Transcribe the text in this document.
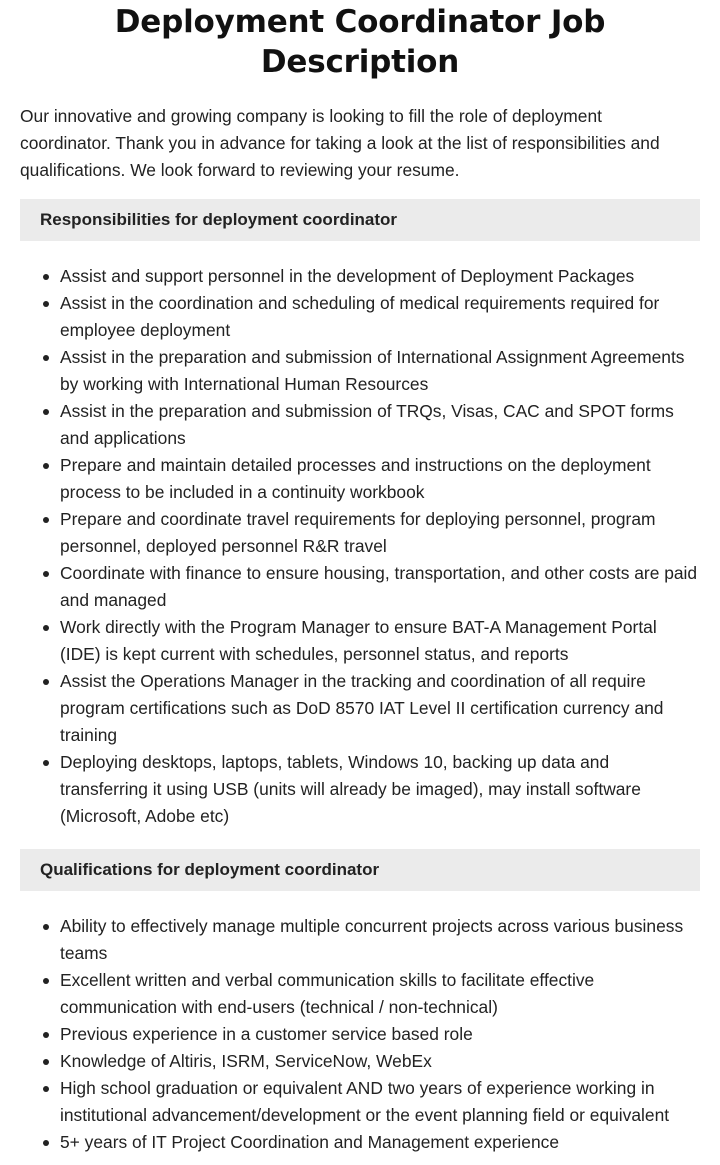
Deployment Coordinator Job Description

Our innovative and growing company is looking to fill the role of deployment coordinator. Thank you in advance for taking a look at the list of responsibilities and qualifications. We look forward to reviewing your resume.

Responsibilities for deployment coordinator
Assist and support personnel in the development of Deployment Packages
Assist in the coordination and scheduling of medical requirements required for employee deployment
Assist in the preparation and submission of International Assignment Agreements by working with International Human Resources
Assist in the preparation and submission of TRQs, Visas, CAC and SPOT forms and applications
Prepare and maintain detailed processes and instructions on the deployment process to be included in a continuity workbook
Prepare and coordinate travel requirements for deploying personnel, program personnel, deployed personnel R&R travel
Coordinate with finance to ensure housing, transportation, and other costs are paid and managed
Work directly with the Program Manager to ensure BAT-A Management Portal (IDE) is kept current with schedules, personnel status, and reports
Assist the Operations Manager in the tracking and coordination of all require program certifications such as DoD 8570 IAT Level II certification currency and training
Deploying desktops, laptops, tablets, Windows 10, backing up data and transferring it using USB (units will already be imaged), may install software (Microsoft, Adobe etc)
Qualifications for deployment coordinator
Ability to effectively manage multiple concurrent projects across various business teams
Excellent written and verbal communication skills to facilitate effective communication with end-users (technical / non-technical)
Previous experience in a customer service based role
Knowledge of Altiris, ISRM, ServiceNow, WebEx
High school graduation or equivalent AND two years of experience working in institutional advancement/development or the event planning field or equivalent
5+ years of IT Project Coordination and Management experience
